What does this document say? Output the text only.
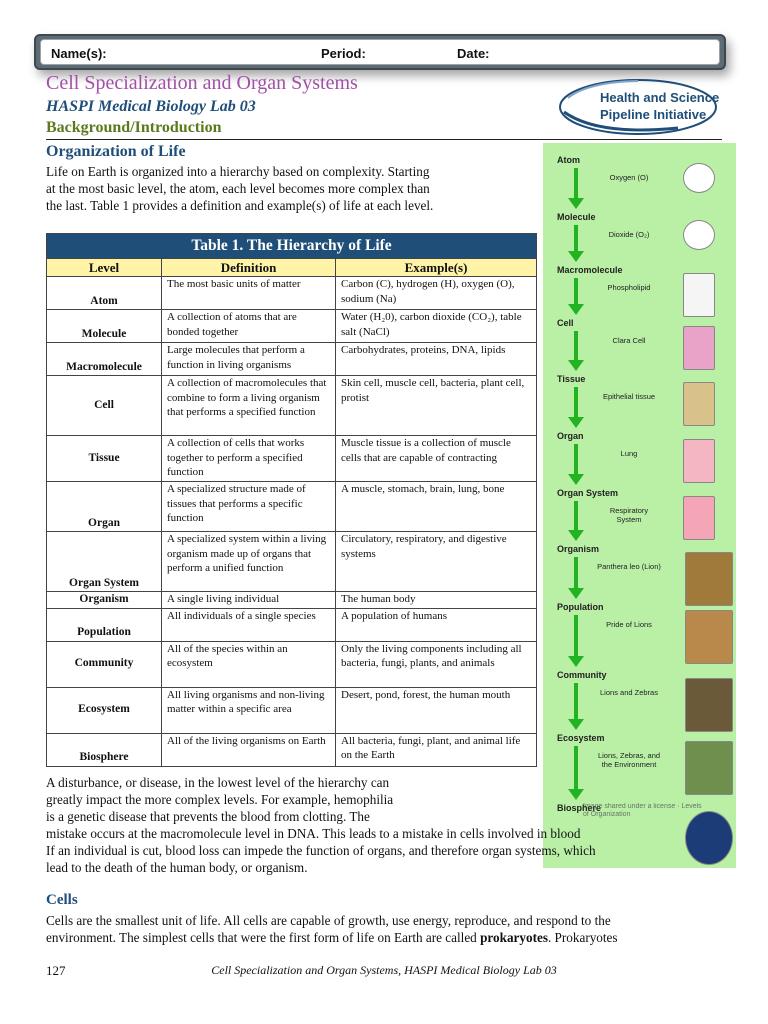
Name(s):	Period:	Date:
Cell Specialization and Organ Systems
HASPI Medical Biology Lab 03
Background/Introduction
Health and Science
Pipeline Initiative
Organization of Life
Life on Earth is organized into a hierarchy based on complexity. Starting at the most basic level, the atom, each level becomes more complex than the last. Table 1 provides a definition and example(s) of life at each level.
Table 1. The Hierarchy of Life		
Level	Definition	Example(s)
Atom	The most basic units of matter	Carbon (C), hydrogen (H), oxygen (O), sodium (Na)
Molecule	A collection of atoms that are bonded together	Water (H₂0), carbon dioxide (CO₂), table salt (NaCl)
Macromolecule	Large molecules that perform a function in living organisms	Carbohydrates, proteins, DNA, lipids
Cell	A collection of macromolecules that combine to form a living organism that performs a specified function	Skin cell, muscle cell, bacteria, plant cell, protist
Tissue	A collection of cells that works together to perform a specified function	Muscle tissue is a collection of muscle cells that are capable of contracting
Organ	A specialized structure made of tissues that performs a specific function	A muscle, stomach, brain, lung, bone
Organ System	A specialized system within a living organism made up of organs that perform a unified function	Circulatory, respiratory, and digestive systems
Organism	A single living individual	The human body
Population	All individuals of a single species	A population of humans
Community	All of the species within an ecosystem	Only the living components including all bacteria, fungi, plants, and animals
Ecosystem	All living organisms and non-living matter within a specific area	Desert, pond, forest, the human mouth
Biosphere	All of the living organisms on Earth	All bacteria, fungi, plant, and animal life on the Earth
Atom
Oxygen (O)
Molecule
Dioxide (O₂)
Macromolecule
Phospholipid
Cell
Clara Cell
Tissue
Epithelial tissue
Organ
Lung
Organ System
Respiratory System
Organism
Panthera leo (Lion)
Population
Pride of Lions
Community
Lions and Zebras
Ecosystem
Lions, Zebras, and the Environment
Biosphere
Image shared under a license · Levels of Organization
A disturbance, or disease, in the lowest level of the hierarchy can
greatly impact the more complex levels. For example, hemophilia
is a genetic disease that prevents the blood from clotting. The
mistake occurs at the macromolecule level in DNA. This leads to a mistake in cells involved in blood
If an individual is cut, blood loss can impede the function of organs, and therefore organ systems, which
lead to the death of the human body, or organism.
Cells
Cells are the smallest unit of life. All cells are capable of growth, use energy, reproduce, and respond to the
environment. The simplest cells that were the first form of life on Earth are called prokaryotes. Prokaryotes
127	Cell Specialization and Organ Systems, HASPI Medical Biology Lab 03
